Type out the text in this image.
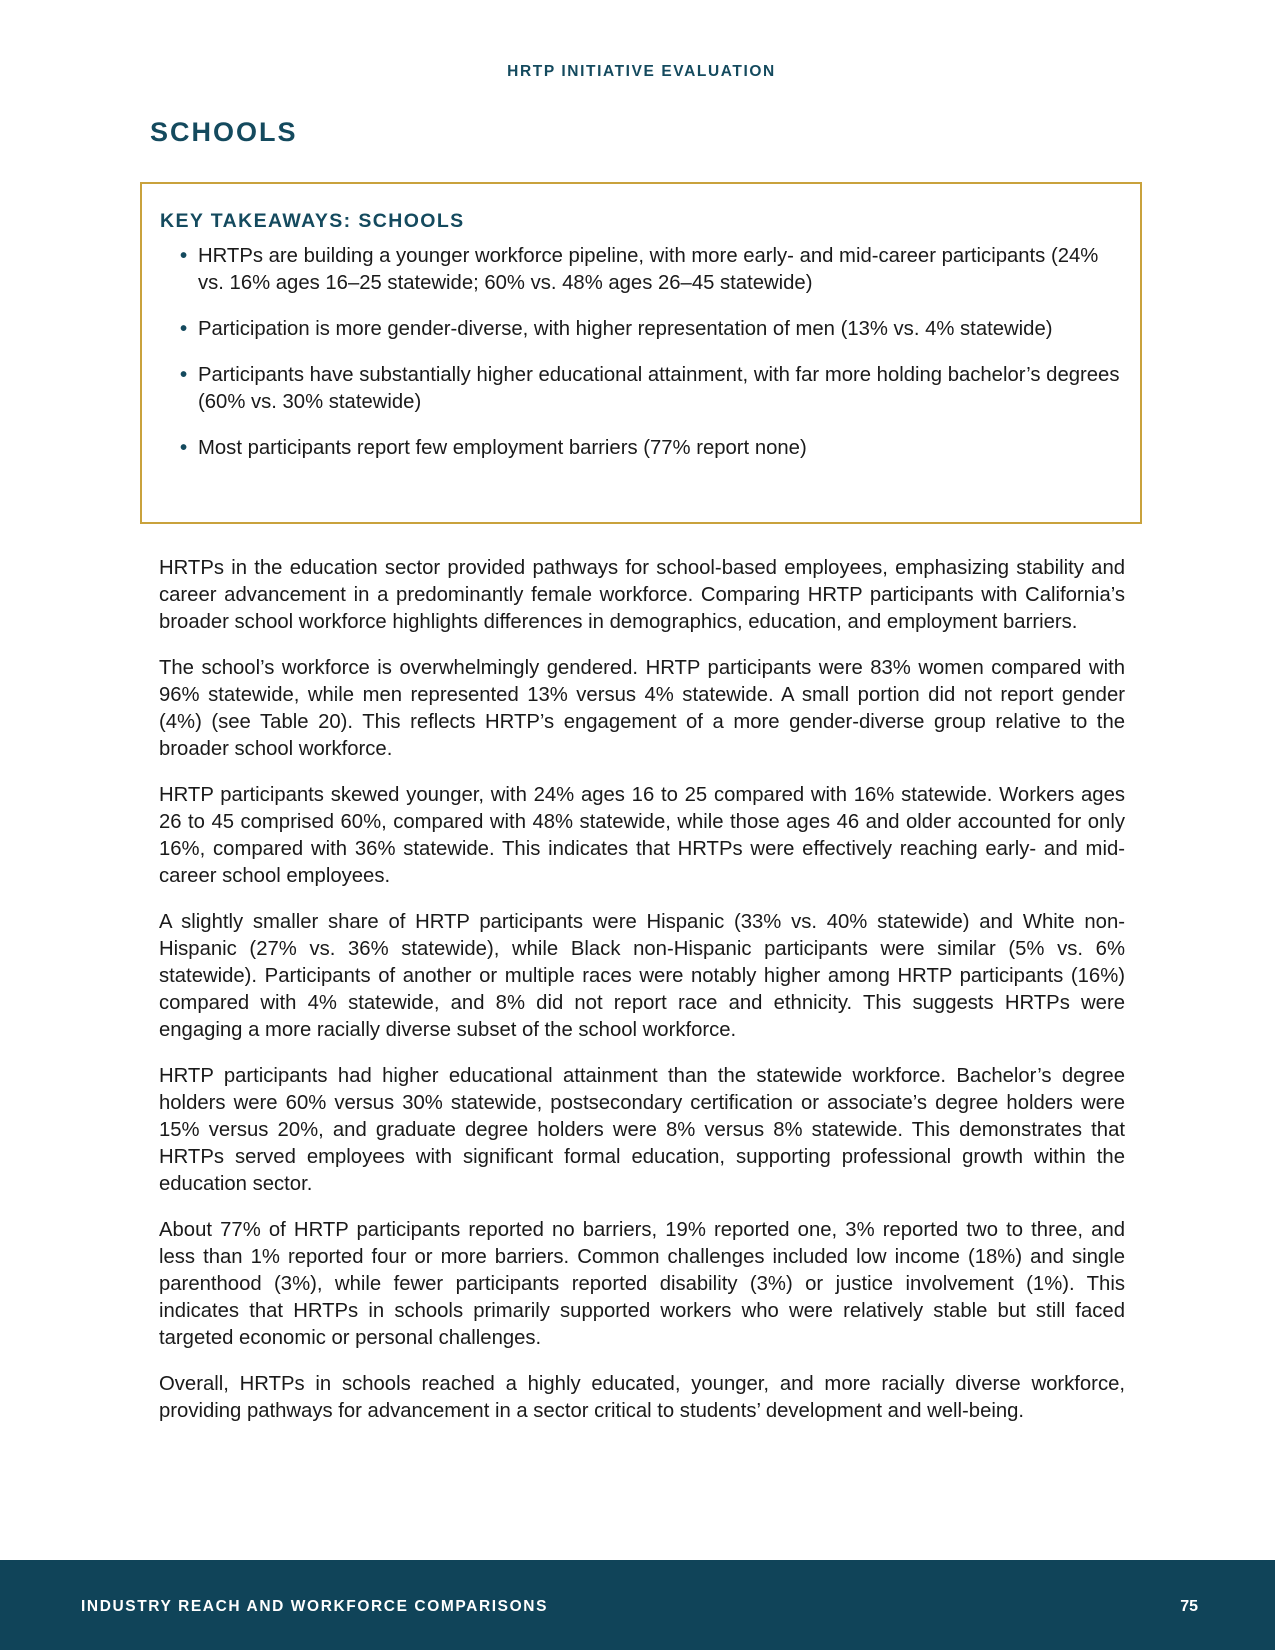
HRTP INITIATIVE EVALUATION
SCHOOLS
KEY TAKEAWAYS: SCHOOLS
• HRTPs are building a younger workforce pipeline, with more early- and mid-career participants (24% vs. 16% ages 16–25 statewide; 60% vs. 48% ages 26–45 statewide)
• Participation is more gender-diverse, with higher representation of men (13% vs. 4% statewide)
• Participants have substantially higher educational attainment, with far more holding bachelor’s degrees (60% vs. 30% statewide)
• Most participants report few employment barriers (77% report none)

HRTPs in the education sector provided pathways for school-based employees, emphasizing stability and career advancement in a predominantly female workforce. Comparing HRTP participants with California’s broader school workforce highlights differences in demographics, education, and employment barriers.

The school’s workforce is overwhelmingly gendered. HRTP participants were 83% women compared with 96% statewide, while men represented 13% versus 4% statewide. A small portion did not report gender (4%) (see Table 20). This reflects HRTP’s engagement of a more gender-diverse group relative to the broader school workforce.

HRTP participants skewed younger, with 24% ages 16 to 25 compared with 16% statewide. Workers ages 26 to 45 comprised 60%, compared with 48% statewide, while those ages 46 and older accounted for only 16%, compared with 36% statewide. This indicates that HRTPs were effectively reaching early- and mid-career school employees.

A slightly smaller share of HRTP participants were Hispanic (33% vs. 40% statewide) and White non-Hispanic (27% vs. 36% statewide), while Black non-Hispanic participants were similar (5% vs. 6% statewide). Participants of another or multiple races were notably higher among HRTP participants (16%) compared with 4% statewide, and 8% did not report race and ethnicity. This suggests HRTPs were engaging a more racially diverse subset of the school workforce.

HRTP participants had higher educational attainment than the statewide workforce. Bachelor’s degree holders were 60% versus 30% statewide, postsecondary certification or associate’s degree holders were 15% versus 20%, and graduate degree holders were 8% versus 8% statewide. This demonstrates that HRTPs served employees with significant formal education, supporting professional growth within the education sector.

About 77% of HRTP participants reported no barriers, 19% reported one, 3% reported two to three, and less than 1% reported four or more barriers. Common challenges included low income (18%) and single parenthood (3%), while fewer participants reported disability (3%) or justice involvement (1%). This indicates that HRTPs in schools primarily supported workers who were relatively stable but still faced targeted economic or personal challenges.

Overall, HRTPs in schools reached a highly educated, younger, and more racially diverse workforce, providing pathways for advancement in a sector critical to students’ development and well-being.

INDUSTRY REACH AND WORKFORCE COMPARISONS	75
